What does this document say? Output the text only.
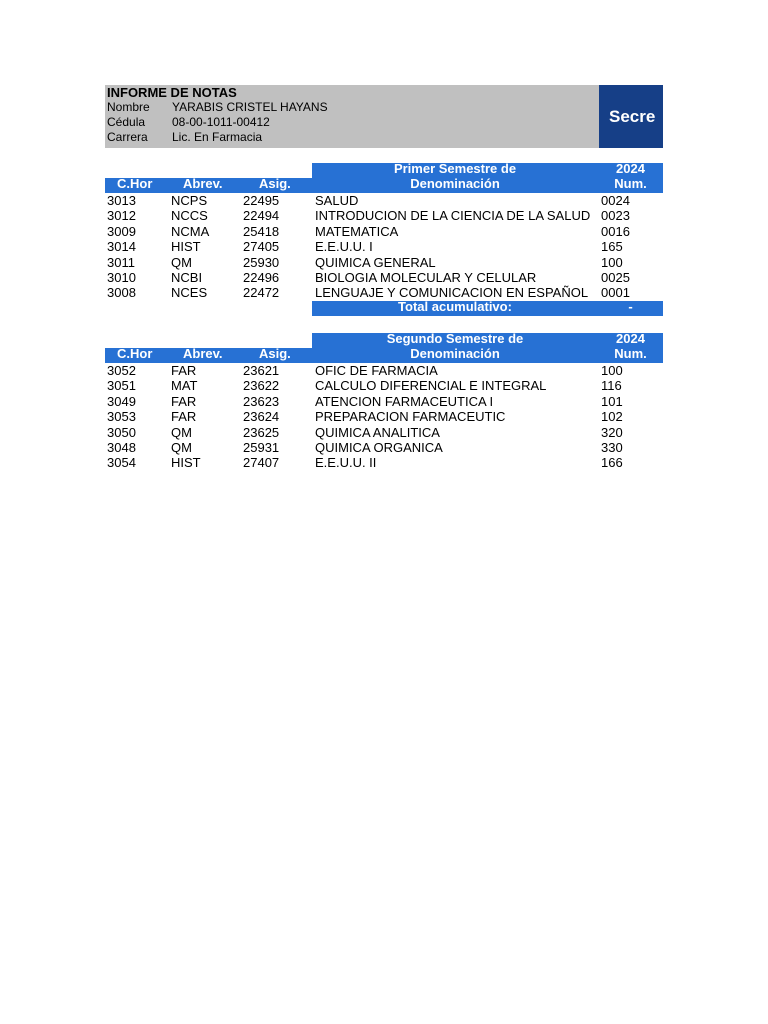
INFORME DE NOTAS
Nombre YARABIS CRISTEL HAYANS
Cédula 08-00-1011-00412
Carrera Lic. En Farmacia
Secre
Primer Semestre de	2024
C.Hor Abrev.	Asig.	Denominación	Num.
3013	NCPS	22495	SALUD	0024
3012	NCCS	22494	INTRODUCION DE LA CIENCIA DE LA SALUD 0023
3009	NCMA	25418	MATEMATICA	0016
3014	HIST	27405	E.E.U.U. I	165
3011	QM	25930	QUIMICA GENERAL	100
3010	NCBI	22496	BIOLOGIA MOLECULAR Y CELULAR	0025
3008	NCES	22472	LENGUAJE Y COMUNICACION EN ESPAÑOL 0001
Total acumulativo:	-
Segundo Semestre de	2024
C.Hor Abrev.	Asig.	Denominación	Num.
3052	FAR	23621	OFIC DE FARMACIA	100
3051	MAT	23622	CALCULO DIFERENCIAL E INTEGRAL	116
3049	FAR	23623	ATENCION FARMACEUTICA I	101
3053	FAR	23624	PREPARACION FARMACEUTIC	102
3050	QM	23625	QUIMICA ANALITICA	320
3048	QM	25931	QUIMICA ORGANICA	330
3054	HIST	27407	E.E.U.U. II	166
